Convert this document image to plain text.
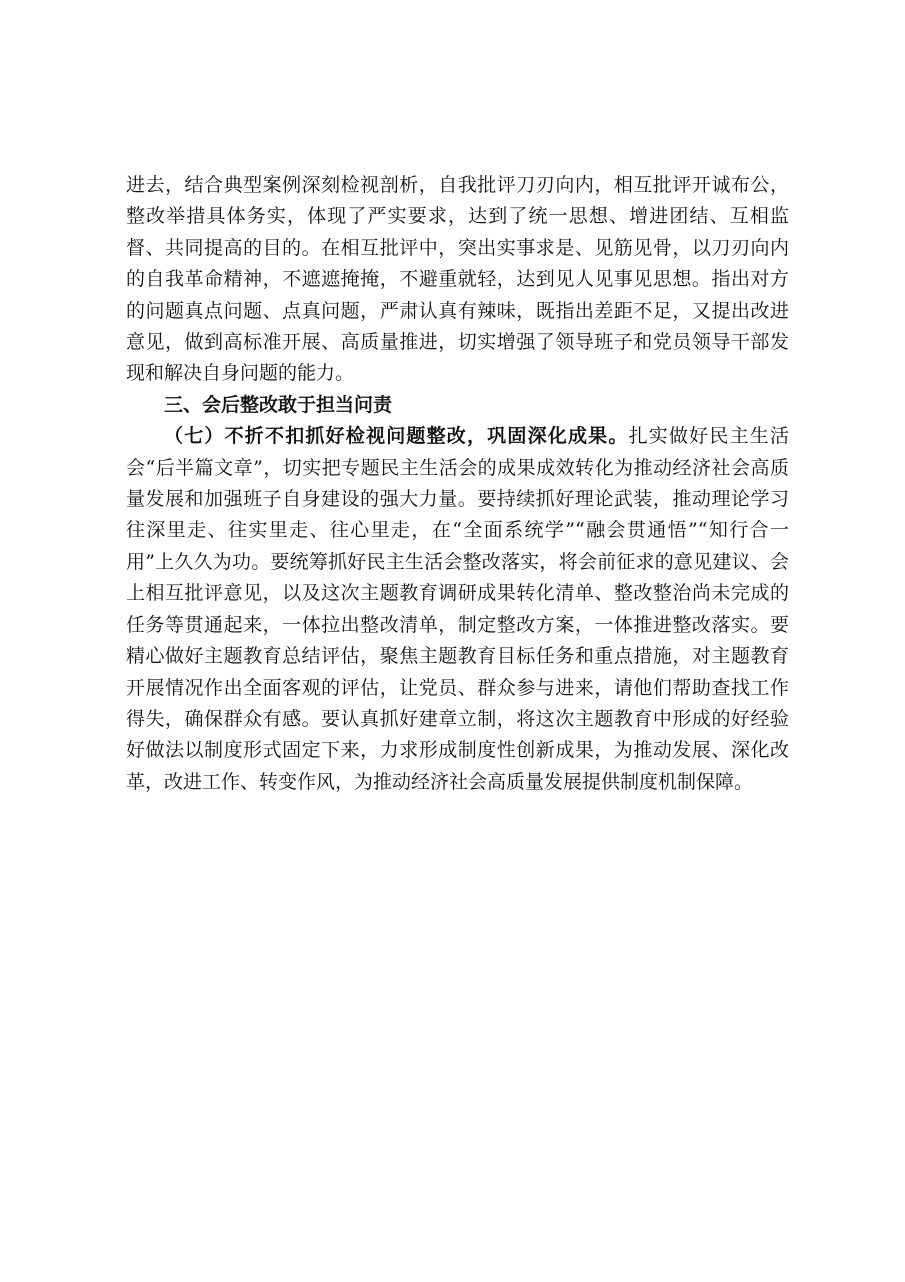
进去，结合典型案例深刻检视剖析，自我批评刀刃向内，相互批评开诚布公，整改举措具体务实，体现了严实要求，达到了统一思想、增进团结、互相监督、共同提高的目的。在相互批评中，突出实事求是、见筋见骨，以刀刃向内的自我革命精神，不遮遮掩掩，不避重就轻，达到见人见事见思想。指出对方的问题真点问题、点真问题，严肃认真有辣味，既指出差距不足，又提出改进意见，做到高标准开展、高质量推进，切实增强了领导班子和党员领导干部发现和解决自身问题的能力。

三、会后整改敢于担当问责

（七）不折不扣抓好检视问题整改，巩固深化成果。扎实做好民主生活会“后半篇文章”，切实把专题民主生活会的成果成效转化为推动经济社会高质量发展和加强班子自身建设的强大力量。要持续抓好理论武装，推动理论学习往深里走、往实里走、往心里走，在“全面系统学”“融会贯通悟”“知行合一用”上久久为功。要统筹抓好民主生活会整改落实，将会前征求的意见建议、会上相互批评意见，以及这次主题教育调研成果转化清单、整改整治尚未完成的任务等贯通起来，一体拉出整改清单，制定整改方案，一体推进整改落实。要精心做好主题教育总结评估，聚焦主题教育目标任务和重点措施，对主题教育开展情况作出全面客观的评估，让党员、群众参与进来，请他们帮助查找工作得失，确保群众有感。要认真抓好建章立制，将这次主题教育中形成的好经验好做法以制度形式固定下来，力求形成制度性创新成果，为推动发展、深化改革，改进工作、转变作风，为推动经济社会高质量发展提供制度机制保障。
